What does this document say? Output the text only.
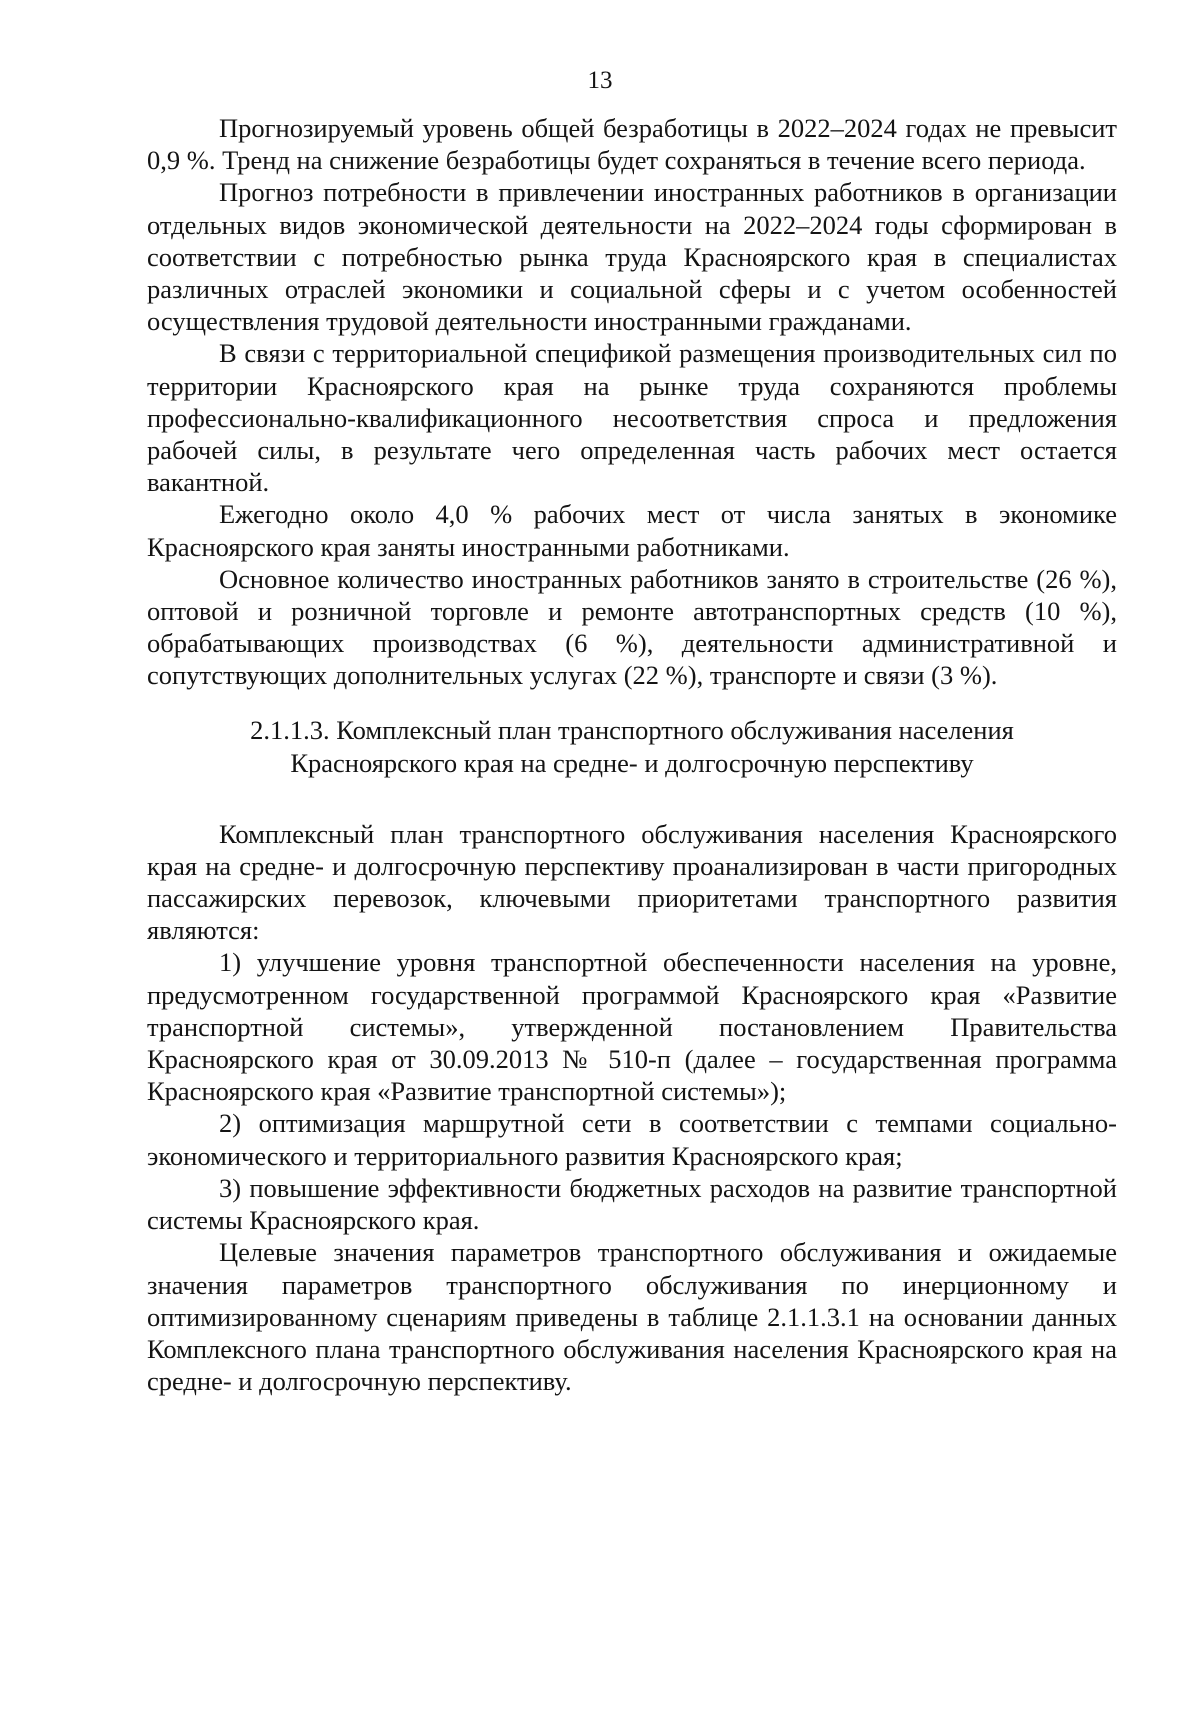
13

Прогнозируемый уровень общей безработицы в 2022–2024 годах не превысит 0,9 %. Тренд на снижение безработицы будет сохраняться в течение всего периода.

Прогноз потребности в привлечении иностранных работников в организации отдельных видов экономической деятельности на 2022–2024 годы сформирован в соответствии с потребностью рынка труда Красноярского края в специалистах различных отраслей экономики и социальной сферы и с учетом особенностей осуществления трудовой деятельности иностранными гражданами.

В связи с территориальной спецификой размещения производительных сил по территории Красноярского края на рынке труда сохраняются проблемы профессионально-квалификационного несоответствия спроса и предложения рабочей силы, в результате чего определенная часть рабочих мест остается вакантной.

Ежегодно около 4,0 % рабочих мест от числа занятых в экономике Красноярского края заняты иностранными работниками.

Основное количество иностранных работников занято в строительстве (26 %), оптовой и розничной торговле и ремонте автотранспортных средств (10 %), обрабатывающих производствах (6 %), деятельности административной и сопутствующих дополнительных услугах (22 %), транспорте и связи (3 %).

2.1.1.3. Комплексный план транспортного обслуживания населения
Красноярского края на средне- и долгосрочную перспективу

Комплексный план транспортного обслуживания населения Красноярского края на средне- и долгосрочную перспективу проанализирован в части пригородных пассажирских перевозок, ключевыми приоритетами транспортного развития являются:

1) улучшение уровня транспортной обеспеченности населения на уровне, предусмотренном государственной программой Красноярского края «Развитие транспортной системы», утвержденной постановлением Правительства Красноярского края от 30.09.2013 № 510-п (далее – государственная программа Красноярского края «Развитие транспортной системы»);

2) оптимизация маршрутной сети в соответствии с темпами социально-экономического и территориального развития Красноярского края;

3) повышение эффективности бюджетных расходов на развитие транспортной системы Красноярского края.

Целевые значения параметров транспортного обслуживания и ожидаемые значения параметров транспортного обслуживания по инерционному и оптимизированному сценариям приведены в таблице 2.1.1.3.1 на основании данных Комплексного плана транспортного обслуживания населения Красноярского края на средне- и долгосрочную перспективу.
